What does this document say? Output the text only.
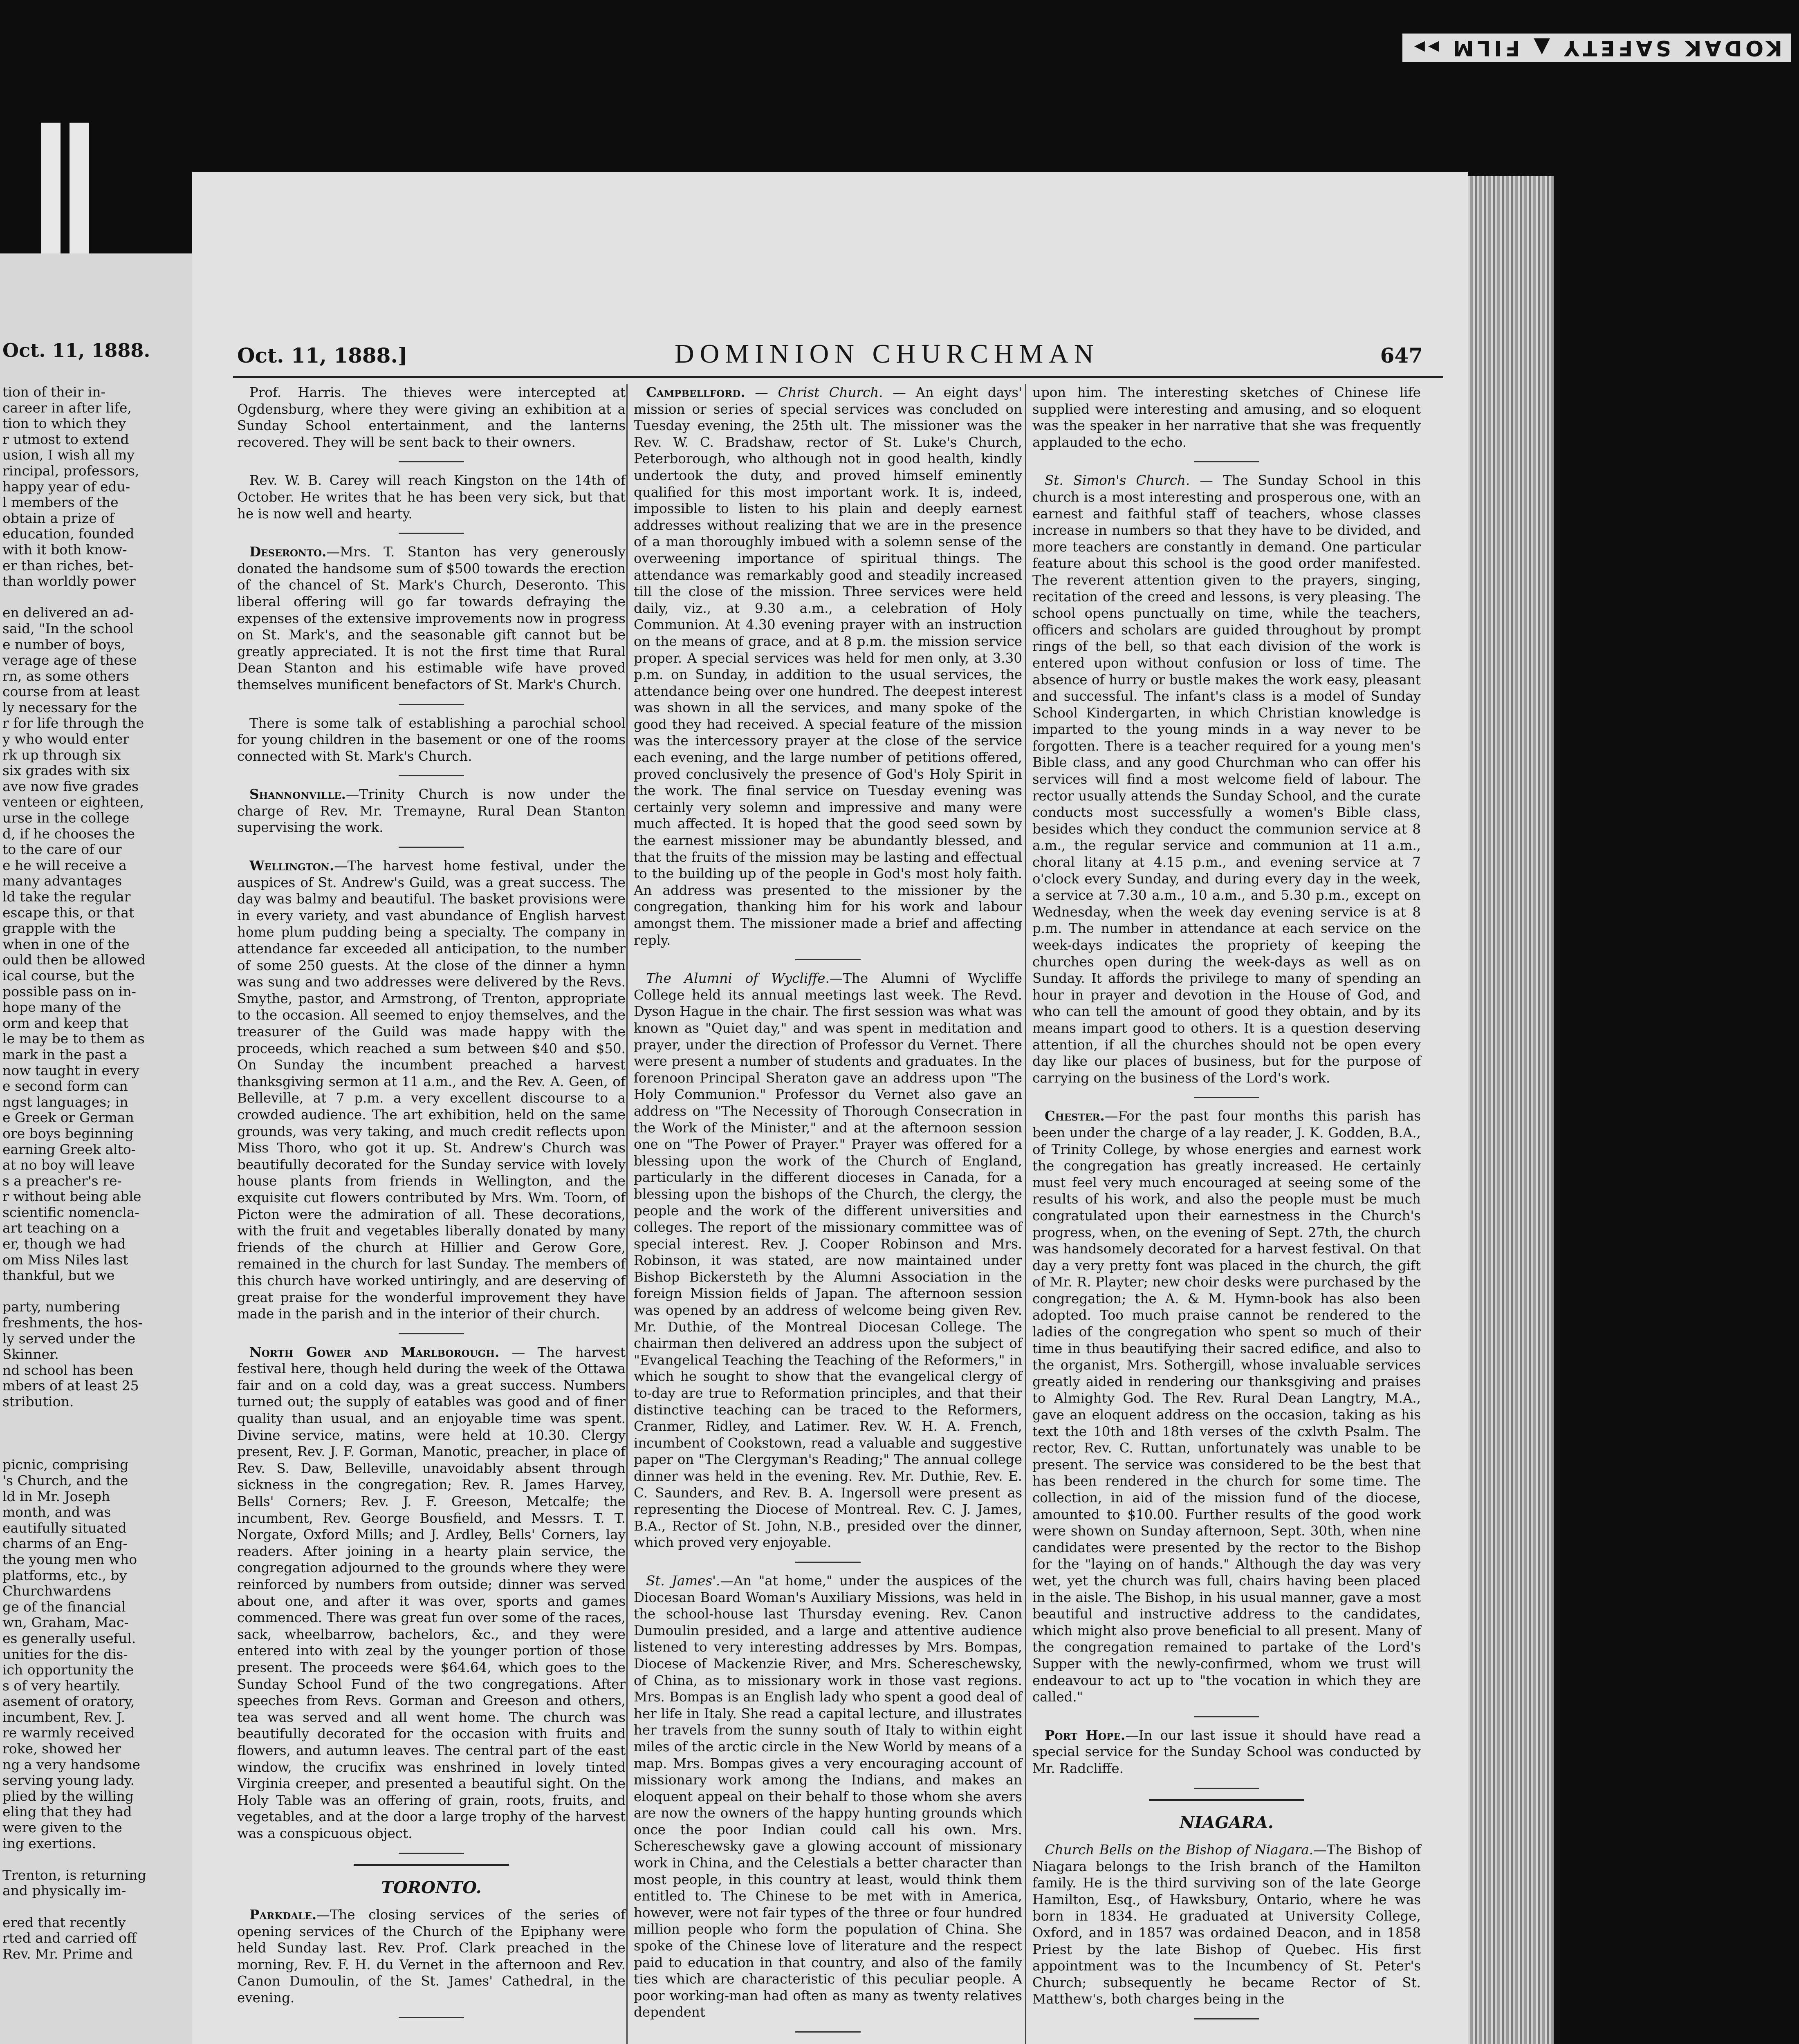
KODAK SAFETY ▲ FILM ▸▸
Oct. 11, 1888.
tion of their in-
career in after life,
tion to which they
r utmost to extend
usion, I wish all my
rincipal, professors,
happy year of edu-
l members of the
obtain a prize of
education, founded
with it both know-
er than riches, bet-
than worldly power

en delivered an ad-
said, "In the school
e number of boys,
verage age of these
rn, as some others
course from at least
ly necessary for the
r for life through the
y who would enter
rk up through six
six grades with six
ave now five grades
venteen or eighteen,
urse in the college
d, if he chooses the
to the care of our
e he will receive a
many advantages
ld take the regular
escape this, or that
grapple with the
when in one of the
ould then be allowed
ical course, but the
possible pass on in-
hope many of the
orm and keep that
le may be to them as
mark in the past a
now taught in every
e second form can
ngst languages; in
e Greek or German
ore boys beginning
earning Greek alto-
at no boy will leave
s a preacher's re-
r without being able
scientific nomencla-
art teaching on a
er, though we had
om Miss Niles last
thankful, but we

party, numbering
freshments, the hos-
ly served under the
Skinner.
nd school has been
mbers of at least 25
stribution.

picnic, comprising
's Church, and the
ld in Mr. Joseph
month, and was
eautifully situated
charms of an Eng-
the young men who
platforms, etc., by
Churchwardens
ge of the financial
wn, Graham, Mac-
es generally useful.
unities for the dis-
ich opportunity the
s of very heartily.
asement of oratory,
incumbent, Rev. J.
re warmly received
roke, showed her
ng a very handsome
serving young lady.
plied by the willing
eling that they had
were given to the
ing exertions.

Trenton, is returning
and physically im-

ered that recently
rted and carried off
Rev. Mr. Prime and
Oct. 11, 1888.]	DOMINION CHURCHMAN	647

Prof. Harris. The thieves were intercepted at Ogdensburg, where they were giving an exhibition at a Sunday School entertainment, and the lanterns recovered. They will be sent back to their owners.

Rev. W. B. Carey will reach Kingston on the 14th of October. He writes that he has been very sick, but that he is now well and hearty.

Deseronto.—Mrs. T. Stanton has very generously donated the handsome sum of $500 towards the erection of the chancel of St. Mark's Church, Deseronto. This liberal offering will go far towards defraying the expenses of the extensive improvements now in progress on St. Mark's, and the seasonable gift cannot but be greatly appreciated. It is not the first time that Rural Dean Stanton and his estimable wife have proved themselves munificent benefactors of St. Mark's Church.

There is some talk of establishing a parochial school for young children in the basement or one of the rooms connected with St. Mark's Church.

Shannonville.—Trinity Church is now under the charge of Rev. Mr. Tremayne, Rural Dean Stanton supervising the work.

Wellington.—The harvest home festival, under the auspices of St. Andrew's Guild, was a great success. The day was balmy and beautiful. The basket provisions were in every variety, and vast abundance of English harvest home plum pudding being a specialty. The company in attendance far exceeded all anticipation, to the number of some 250 guests. At the close of the dinner a hymn was sung and two addresses were delivered by the Revs. Smythe, pastor, and Armstrong, of Trenton, appropriate to the occasion. All seemed to enjoy themselves, and the treasurer of the Guild was made happy with the proceeds, which reached a sum between $40 and $50. On Sunday the incumbent preached a harvest thanksgiving sermon at 11 a.m., and the Rev. A. Geen, of Belleville, at 7 p.m. a very excellent discourse to a crowded audience. The art exhibition, held on the same grounds, was very taking, and much credit reflects upon Miss Thoro, who got it up. St. Andrew's Church was beautifully decorated for the Sunday service with lovely house plants from friends in Wellington, and the exquisite cut flowers contributed by Mrs. Wm. Toorn, of Picton were the admiration of all. These decorations, with the fruit and vegetables liberally donated by many friends of the church at Hillier and Gerow Gore, remained in the church for last Sunday. The members of this church have worked untiringly, and are deserving of great praise for the wonderful improvement they have made in the parish and in the interior of their church.

North Gower and Marlborough. — The harvest festival here, though held during the week of the Ottawa fair and on a cold day, was a great success. Numbers turned out; the supply of eatables was good and of finer quality than usual, and an enjoyable time was spent. Divine service, matins, were held at 10.30. Clergy present, Rev. J. F. Gorman, Manotic, preacher, in place of Rev. S. Daw, Belleville, unavoidably absent through sickness in the congregation; Rev. R. James Harvey, Bells' Corners; Rev. J. F. Greeson, Metcalfe; the incumbent, Rev. George Bousfield, and Messrs. T. T. Norgate, Oxford Mills; and J. Ardley, Bells' Corners, lay readers. After joining in a hearty plain service, the congregation adjourned to the grounds where they were reinforced by numbers from outside; dinner was served about one, and after it was over, sports and games commenced. There was great fun over some of the races, sack, wheelbarrow, bachelors, &c., and they were entered into with zeal by the younger portion of those present. The proceeds were $64.64, which goes to the Sunday School Fund of the two congregations. After speeches from Revs. Gorman and Greeson and others, tea was served and all went home. The church was beautifully decorated for the occasion with fruits and flowers, and autumn leaves. The central part of the east window, the crucifix was enshrined in lovely tinted Virginia creeper, and presented a beautiful sight. On the Holy Table was an offering of grain, roots, fruits, and vegetables, and at the door a large trophy of the harvest was a conspicuous object.

TORONTO.

Parkdale.—The closing services of the series of opening services of the Church of the Epiphany were held Sunday last. Rev. Prof. Clark preached in the morning, Rev. F. H. du Vernet in the afternoon and Rev. Canon Dumoulin, of the St. James' Cathedral, in the evening.

Campbellford. — Christ Church. — An eight days' mission or series of special services was concluded on Tuesday evening, the 25th ult. The missioner was the Rev. W. C. Bradshaw, rector of St. Luke's Church, Peterborough, who although not in good health, kindly undertook the duty, and proved himself eminently qualified for this most important work. It is, indeed, impossible to listen to his plain and deeply earnest addresses without realizing that we are in the presence of a man thoroughly imbued with a solemn sense of the overweening importance of spiritual things. The attendance was remarkably good and steadily increased till the close of the mission. Three services were held daily, viz., at 9.30 a.m., a celebration of Holy Communion. At 4.30 evening prayer with an instruction on the means of grace, and at 8 p.m. the mission service proper. A special services was held for men only, at 3.30 p.m. on Sunday, in addition to the usual services, the attendance being over one hundred. The deepest interest was shown in all the services, and many spoke of the good they had received. A special feature of the mission was the intercessory prayer at the close of the service each evening, and the large number of petitions offered, proved conclusively the presence of God's Holy Spirit in the work. The final service on Tuesday evening was certainly very solemn and impressive and many were much affected. It is hoped that the good seed sown by the earnest missioner may be abundantly blessed, and that the fruits of the mission may be lasting and effectual to the building up of the people in God's most holy faith. An address was presented to the missioner by the congregation, thanking him for his work and labour amongst them. The missioner made a brief and affecting reply.

The Alumni of Wycliffe.—The Alumni of Wycliffe College held its annual meetings last week. The Revd. Dyson Hague in the chair. The first session was what was known as "Quiet day," and was spent in meditation and prayer, under the direction of Professor du Vernet. There were present a number of students and graduates. In the forenoon Principal Sheraton gave an address upon "The Holy Communion." Professor du Vernet also gave an address on "The Necessity of Thorough Consecration in the Work of the Minister," and at the afternoon session one on "The Power of Prayer." Prayer was offered for a blessing upon the work of the Church of England, particularly in the different dioceses in Canada, for a blessing upon the bishops of the Church, the clergy, the people and the work of the different universities and colleges. The report of the missionary committee was of special interest. Rev. J. Cooper Robinson and Mrs. Robinson, it was stated, are now maintained under Bishop Bickersteth by the Alumni Association in the foreign Mission fields of Japan. The afternoon session was opened by an address of welcome being given Rev. Mr. Duthie, of the Montreal Diocesan College. The chairman then delivered an address upon the subject of "Evangelical Teaching the Teaching of the Reformers," in which he sought to show that the evangelical clergy of to-day are true to Reformation principles, and that their distinctive teaching can be traced to the Reformers, Cranmer, Ridley, and Latimer. Rev. W. H. A. French, incumbent of Cookstown, read a valuable and suggestive paper on "The Clergyman's Reading;" The annual college dinner was held in the evening. Rev. Mr. Duthie, Rev. E. C. Saunders, and Rev. B. A. Ingersoll were present as representing the Diocese of Montreal. Rev. C. J. James, B.A., Rector of St. John, N.B., presided over the dinner, which proved very enjoyable.

St. James'.—An "at home," under the auspices of the Diocesan Board Woman's Auxiliary Missions, was held in the school-house last Thursday evening. Rev. Canon Dumoulin presided, and a large and attentive audience listened to very interesting addresses by Mrs. Bompas, Diocese of Mackenzie River, and Mrs. Schereschewsky, of China, as to missionary work in those vast regions. Mrs. Bompas is an English lady who spent a good deal of her life in Italy. She read a capital lecture, and illustrates her travels from the sunny south of Italy to within eight miles of the arctic circle in the New World by means of a map. Mrs. Bompas gives a very encouraging account of missionary work among the Indians, and makes an eloquent appeal on their behalf to those whom she avers are now the owners of the happy hunting grounds which once the poor Indian could call his own. Mrs. Schereschewsky gave a glowing account of missionary work in China, and the Celestials a better character than most people, in this country at least, would think them entitled to. The Chinese to be met with in America, however, were not fair types of the three or four hundred million people who form the population of China. She spoke of the Chinese love of literature and the respect paid to education in that country, and also of the family ties which are characteristic of this peculiar people. A poor working-man had often as many as twenty relatives dependent

upon him. The interesting sketches of Chinese life supplied were interesting and amusing, and so eloquent was the speaker in her narrative that she was frequently applauded to the echo.

St. Simon's Church. — The Sunday School in this church is a most interesting and prosperous one, with an earnest and faithful staff of teachers, whose classes increase in numbers so that they have to be divided, and more teachers are constantly in demand. One particular feature about this school is the good order manifested. The reverent attention given to the prayers, singing, recitation of the creed and lessons, is very pleasing. The school opens punctually on time, while the teachers, officers and scholars are guided throughout by prompt rings of the bell, so that each division of the work is entered upon without confusion or loss of time. The absence of hurry or bustle makes the work easy, pleasant and successful. The infant's class is a model of Sunday School Kindergarten, in which Christian knowledge is imparted to the young minds in a way never to be forgotten. There is a teacher required for a young men's Bible class, and any good Churchman who can offer his services will find a most welcome field of labour. The rector usually attends the Sunday School, and the curate conducts most successfully a women's Bible class, besides which they conduct the communion service at 8 a.m., the regular service and communion at 11 a.m., choral litany at 4.15 p.m., and evening service at 7 o'clock every Sunday, and during every day in the week, a service at 7.30 a.m., 10 a.m., and 5.30 p.m., except on Wednesday, when the week day evening service is at 8 p.m. The number in attendance at each service on the week-days indicates the propriety of keeping the churches open during the week-days as well as on Sunday. It affords the privilege to many of spending an hour in prayer and devotion in the House of God, and who can tell the amount of good they obtain, and by its means impart good to others. It is a question deserving attention, if all the churches should not be open every day like our places of business, but for the purpose of carrying on the business of the Lord's work.

Chester.—For the past four months this parish has been under the charge of a lay reader, J. K. Godden, B.A., of Trinity College, by whose energies and earnest work the congregation has greatly increased. He certainly must feel very much encouraged at seeing some of the results of his work, and also the people must be much congratulated upon their earnestness in the Church's progress, when, on the evening of Sept. 27th, the church was handsomely decorated for a harvest festival. On that day a very pretty font was placed in the church, the gift of Mr. R. Playter; new choir desks were purchased by the congregation; the A. & M. Hymn-book has also been adopted. Too much praise cannot be rendered to the ladies of the congregation who spent so much of their time in thus beautifying their sacred edifice, and also to the organist, Mrs. Sothergill, whose invaluable services greatly aided in rendering our thanksgiving and praises to Almighty God. The Rev. Rural Dean Langtry, M.A., gave an eloquent address on the occasion, taking as his text the 10th and 18th verses of the cxlvth Psalm. The rector, Rev. C. Ruttan, unfortunately was unable to be present. The service was considered to be the best that has been rendered in the church for some time. The collection, in aid of the mission fund of the diocese, amounted to $10.00. Further results of the good work were shown on Sunday afternoon, Sept. 30th, when nine candidates were presented by the rector to the Bishop for the "laying on of hands." Although the day was very wet, yet the church was full, chairs having been placed in the aisle. The Bishop, in his usual manner, gave a most beautiful and instructive address to the candidates, which might also prove beneficial to all present. Many of the congregation remained to partake of the Lord's Supper with the newly-confirmed, whom we trust will endeavour to act up to "the vocation in which they are called."

Port Hope.—In our last issue it should have read a special service for the Sunday School was conducted by Mr. Radcliffe.

NIAGARA.

Church Bells on the Bishop of Niagara.—The Bishop of Niagara belongs to the Irish branch of the Hamilton family. He is the third surviving son of the late George Hamilton, Esq., of Hawksbury, Ontario, where he was born in 1834. He graduated at University College, Oxford, and in 1857 was ordained Deacon, and in 1858 Priest by the late Bishop of Quebec. His first appointment was to the Incumbency of St. Peter's Church; subsequently he became Rector of St. Matthew's, both charges being in the
